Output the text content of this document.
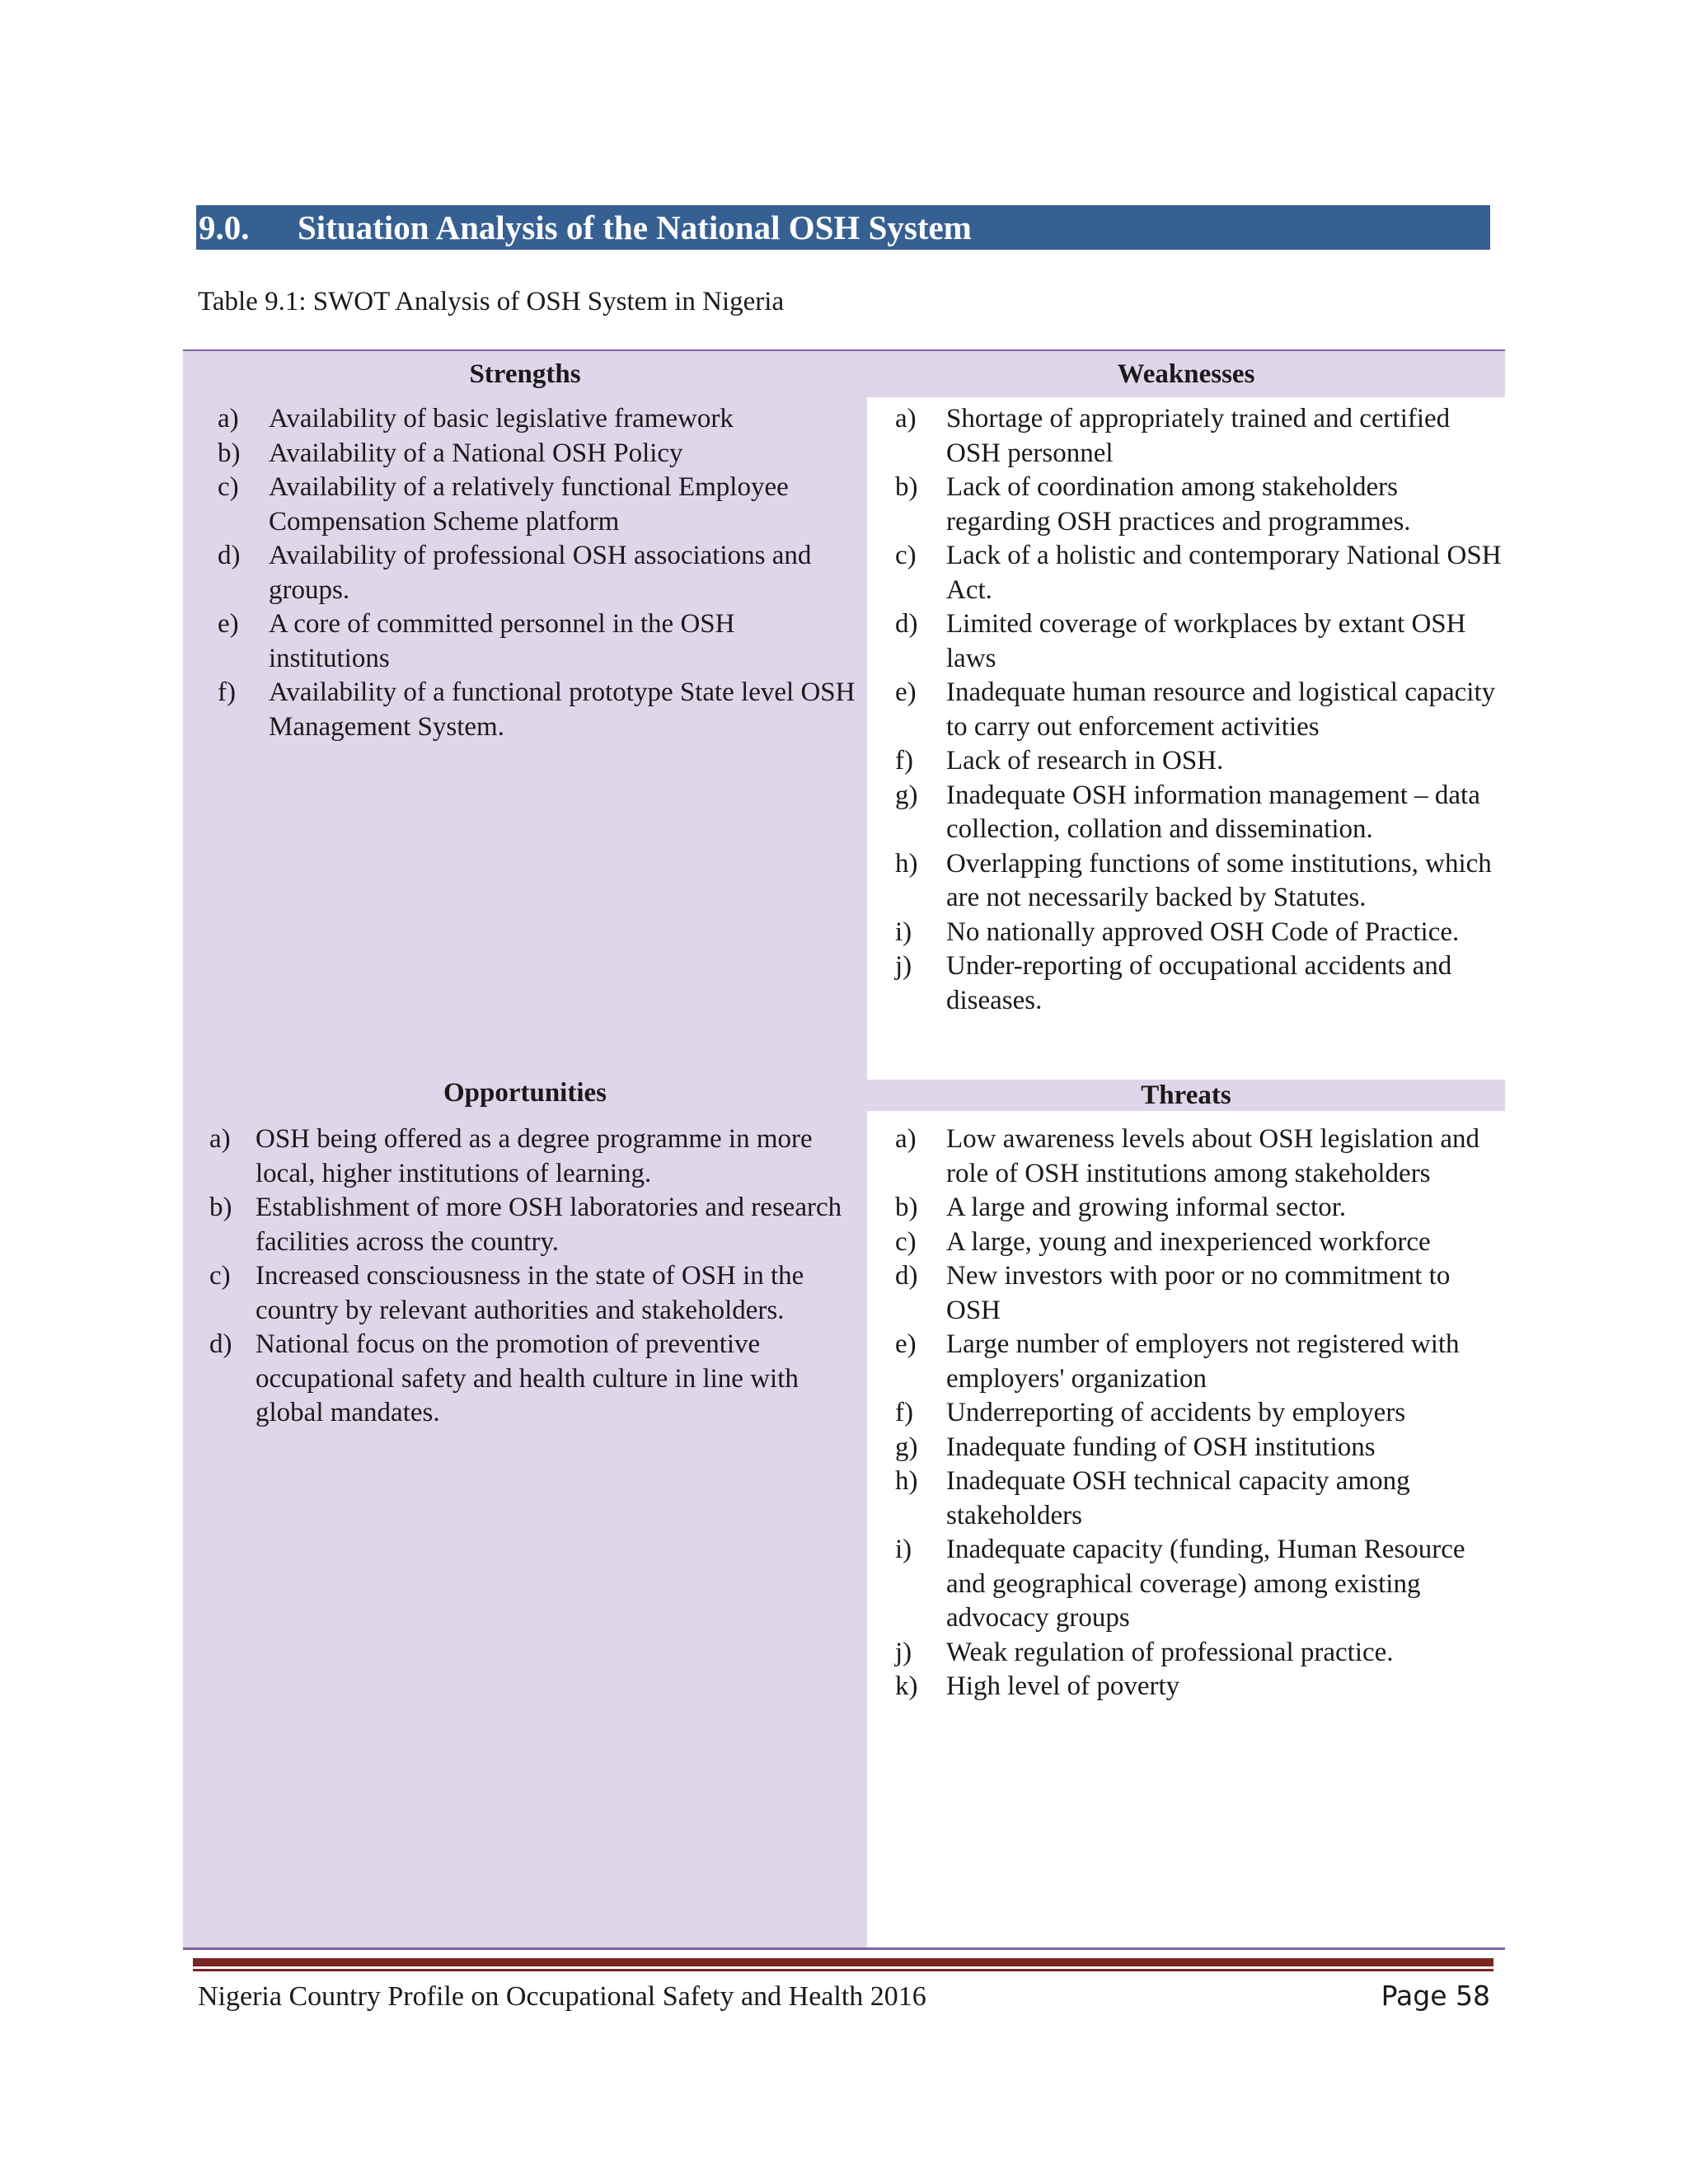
9.0. Situation Analysis of the National OSH System
Table 9.1: SWOT Analysis of OSH System in Nigeria
Strengths
a) Availability of basic legislative framework
b) Availability of a National OSH Policy
c) Availability of a relatively functional Employee Compensation Scheme platform
d) Availability of professional OSH associations and groups.
e) A core of committed personnel in the OSH institutions
f) Availability of a functional prototype State level OSH Management System.
Weaknesses
a) Shortage of appropriately trained and certified OSH personnel
b) Lack of coordination among stakeholders regarding OSH practices and programmes.
c) Lack of a holistic and contemporary National OSH Act.
d) Limited coverage of workplaces by extant OSH laws
e) Inadequate human resource and logistical capacity to carry out enforcement activities
f) Lack of research in OSH.
g) Inadequate OSH information management – data collection, collation and dissemination.
h) Overlapping functions of some institutions, which are not necessarily backed by Statutes.
i) No nationally approved OSH Code of Practice.
j) Under-reporting of occupational accidents and diseases.
Opportunities
a) OSH being offered as a degree programme in more local, higher institutions of learning.
b) Establishment of more OSH laboratories and research facilities across the country.
c) Increased consciousness in the state of OSH in the country by relevant authorities and stakeholders.
d) National focus on the promotion of preventive occupational safety and health culture in line with global mandates.
Threats
a) Low awareness levels about OSH legislation and role of OSH institutions among stakeholders
b) A large and growing informal sector.
c) A large, young and inexperienced workforce
d) New investors with poor or no commitment to OSH
e) Large number of employers not registered with employers' organization
f) Underreporting of accidents by employers
g) Inadequate funding of OSH institutions
h) Inadequate OSH technical capacity among stakeholders
i) Inadequate capacity (funding, Human Resource and geographical coverage) among existing advocacy groups
j) Weak regulation of professional practice.
k) High level of poverty
Nigeria Country Profile on Occupational Safety and Health 2016	Page 58
